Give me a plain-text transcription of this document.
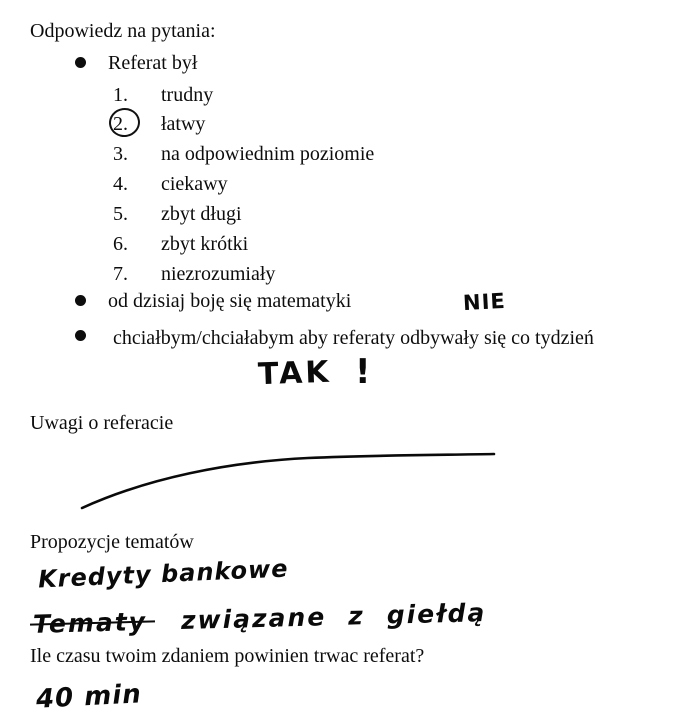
Odpowiedz na pytania:
Referat był
1. trudny
2. łatwy
3. na odpowiednim poziomie
4. ciekawy
5. zbyt długi
6. zbyt krótki
7. niezrozumiały
od dzisiaj boję się matematyki	NIE
chciałbym/chciałabym aby referaty odbywały się co tydzień
TAK !
Uwagi o referacie
Propozycje tematów
Kredyty bankowe
Tematy związane z giełdą
Ile czasu twoim zdaniem powinien trwac referat?
40 min
